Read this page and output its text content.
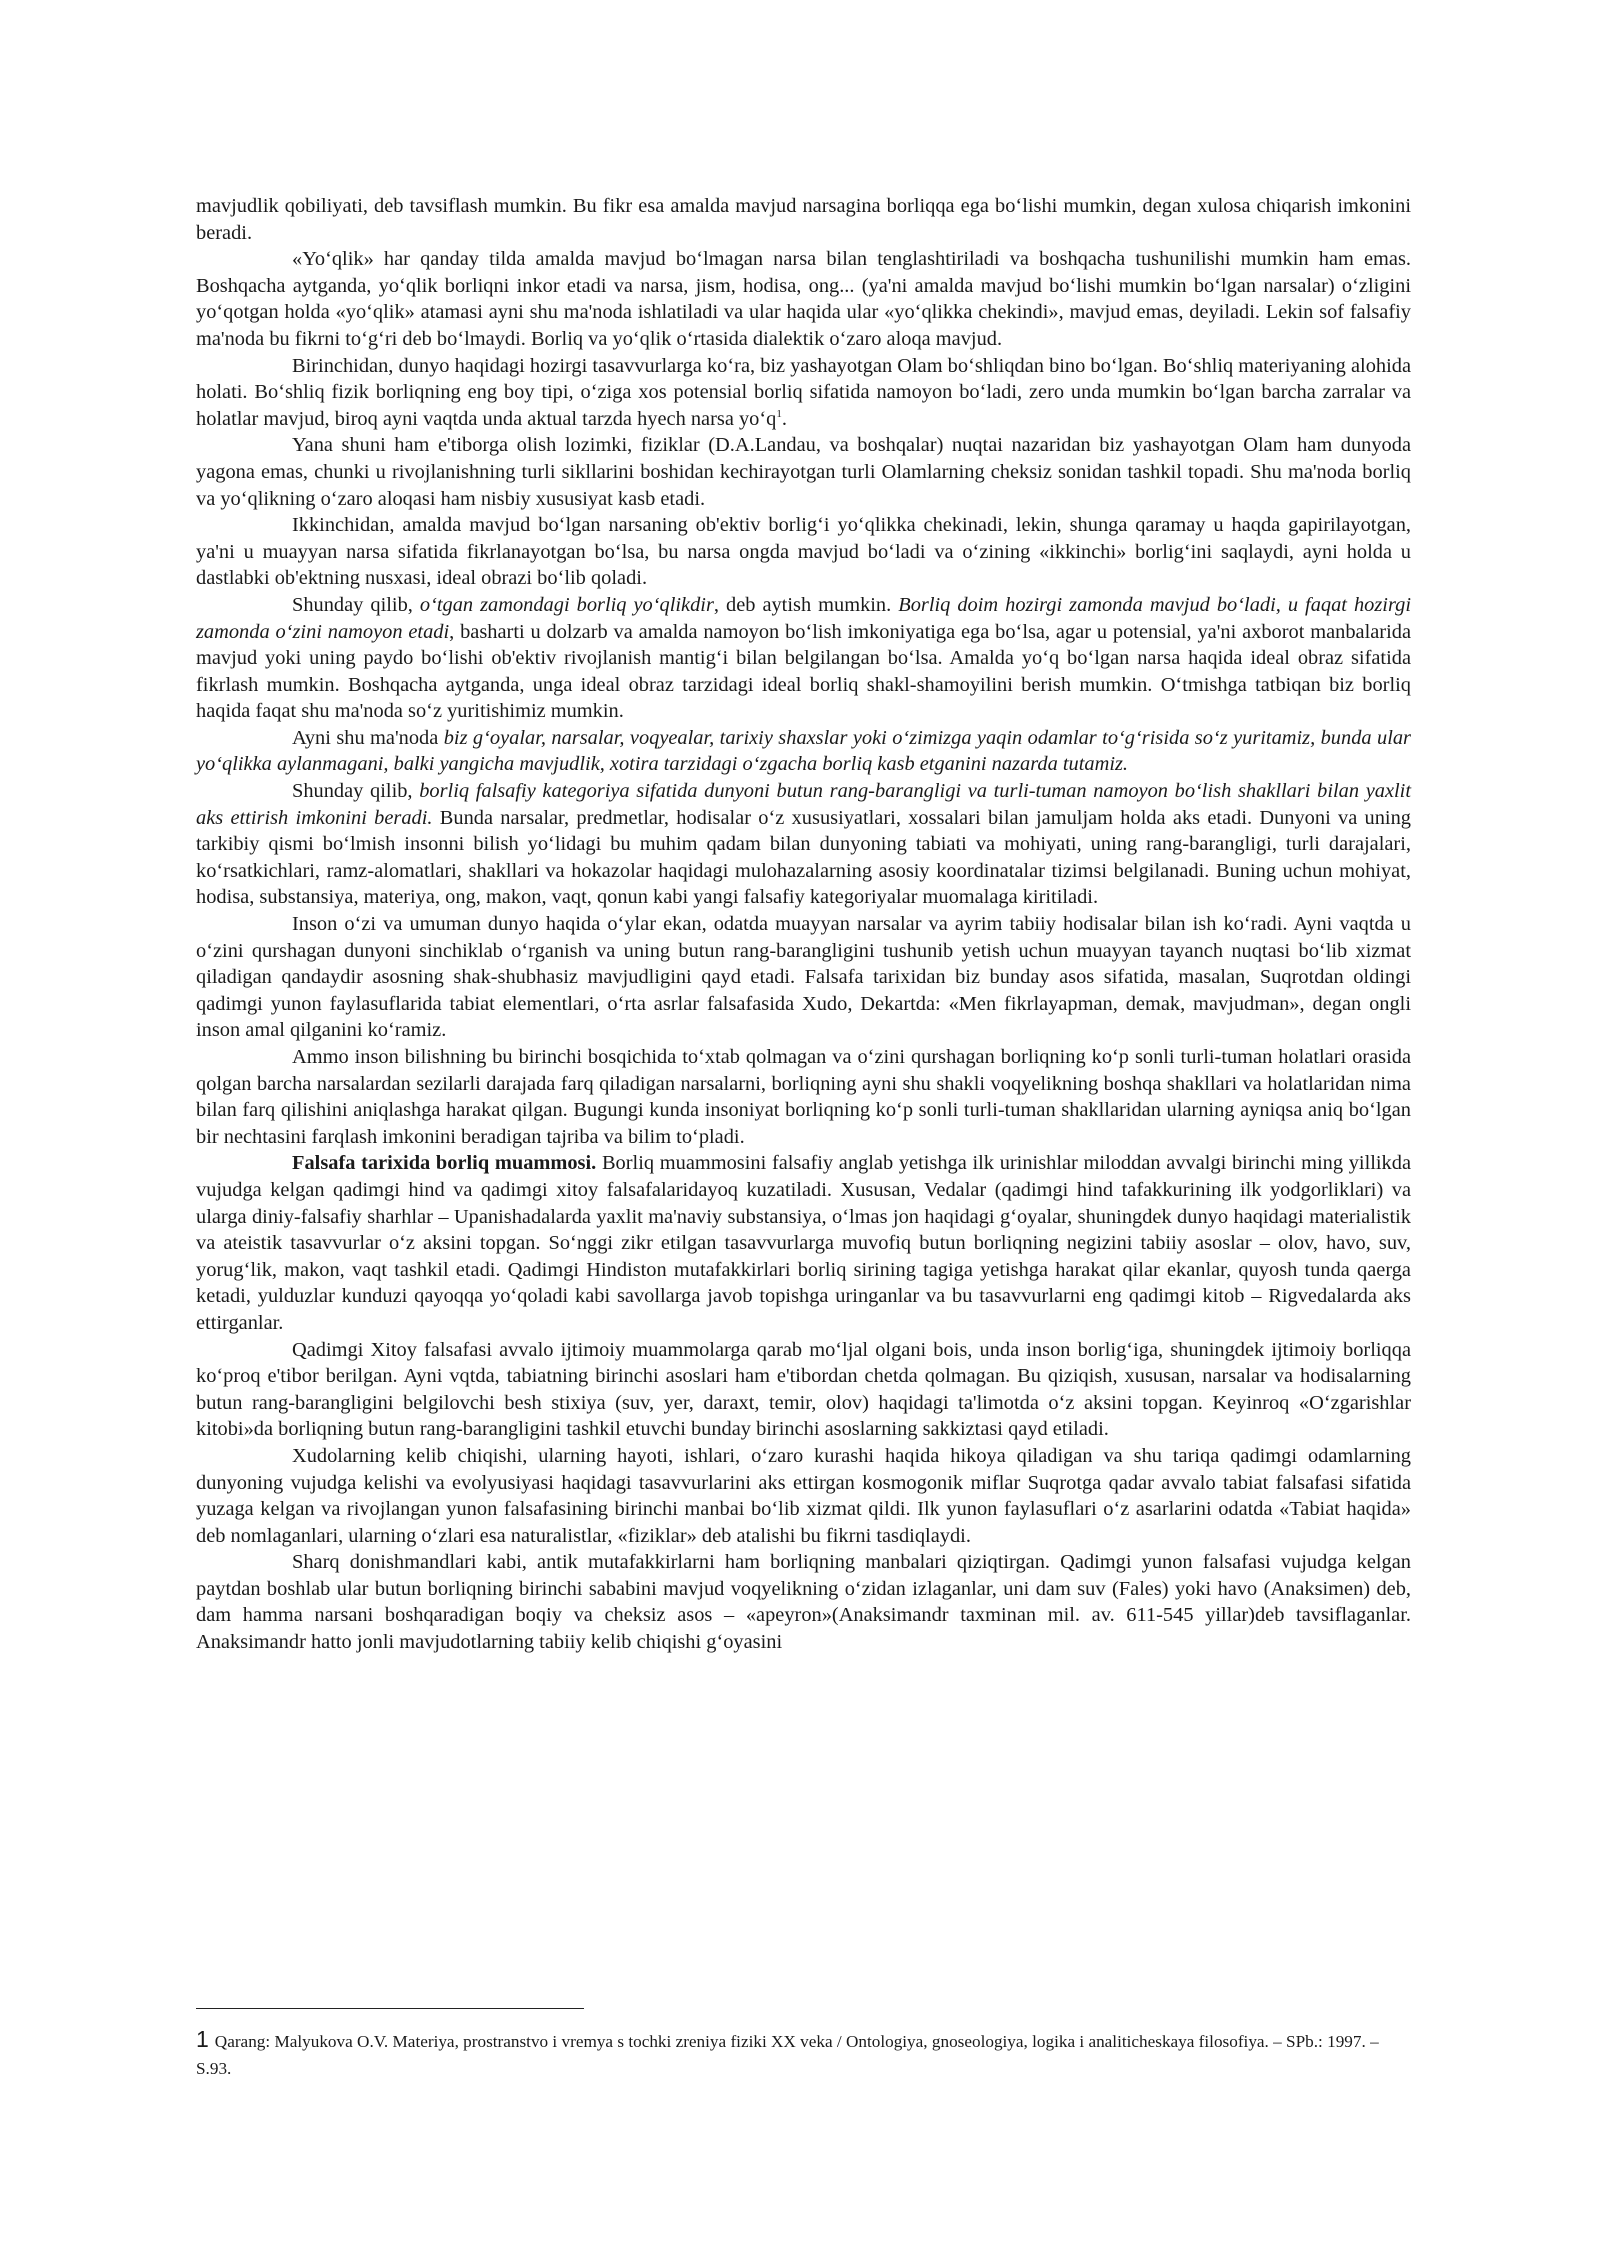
mavjudlik qobiliyati, deb tavsiflash mumkin. Bu fikr esa amalda mavjud narsagina borliqqa ega boʻlishi mumkin, degan xulosa chiqarish imkonini beradi.

«Yoʻqlik» har qanday tilda amalda mavjud boʻlmagan narsa bilan tenglashtiriladi va boshqacha tushunilishi mumkin ham emas. Boshqacha aytganda, yoʻqlik borliqni inkor etadi va narsa, jism, hodisa, ong... (ya'ni amalda mavjud boʻlishi mumkin boʻlgan narsalar) oʻzligini yoʻqotgan holda «yoʻqlik» atamasi ayni shu ma'noda ishlatiladi va ular haqida ular «yoʻqlikka chekindi», mavjud emas, deyiladi. Lekin sof falsafiy ma'noda bu fikrni toʻgʻri deb boʻlmaydi. Borliq va yoʻqlik oʻrtasida dialektik oʻzaro aloqa mavjud.

Birinchidan, dunyo haqidagi hozirgi tasavvurlarga koʻra, biz yashayotgan Olam boʻshliqdan bino boʻlgan. Boʻshliq materiyaning alohida holati. Boʻshliq fizik borliqning eng boy tipi, oʻziga xos potensial borliq sifatida namoyon boʻladi, zero unda mumkin boʻlgan barcha zarralar va holatlar mavjud, biroq ayni vaqtda unda aktual tarzda hyech narsa yoʻq$^1$.

Yana shuni ham e'tiborga olish lozimki, fiziklar (D.A.Landau, va boshqalar) nuqtai nazaridan biz yashayotgan Olam ham dunyoda yagona emas, chunki u rivojlanishning turli sikllarini boshidan kechirayotgan turli Olamlarning cheksiz sonidan tashkil topadi. Shu ma'noda borliq va yoʻqlikning oʻzaro aloqasi ham nisbiy xususiyat kasb etadi.

Ikkinchidan, amalda mavjud boʻlgan narsaning ob'ektiv borligʻi yoʻqlikka chekinadi, lekin, shunga qaramay u haqda gapirilayotgan, ya'ni u muayyan narsa sifatida fikrlanayotgan boʻlsa, bu narsa ongda mavjud boʻladi va oʻzining «ikkinchi» borligʻini saqlaydi, ayni holda u dastlabki ob'ektning nusxasi, ideal obrazi boʻlib qoladi.

Shunday qilib, oʻtgan zamondagi borliq yoʻqlikdir, deb aytish mumkin. Borliq doim hozirgi zamonda mavjud boʻladi, u faqat hozirgi zamonda oʻzini namoyon etadi, basharti u dolzarb va amalda namoyon boʻlish imkoniyatiga ega boʻlsa, agar u potensial, ya'ni axborot manbalarida mavjud yoki uning paydo boʻlishi ob'ektiv rivojlanish mantigʻi bilan belgilangan boʻlsa. Amalda yoʻq boʻlgan narsa haqida ideal obraz sifatida fikrlash mumkin. Boshqacha aytganda, unga ideal obraz tarzidagi ideal borliq shakl-shamoyilini berish mumkin. Oʻtmishga tatbiqan biz borliq haqida faqat shu ma'noda soʻz yuritishimiz mumkin.

Ayni shu ma'noda biz gʻoyalar, narsalar, voqyealar, tarixiy shaxslar yoki oʻzimizga yaqin odamlar toʻgʻrisida soʻz yuritamiz, bunda ular yoʻqlikka aylanmagani, balki yangicha mavjudlik, xotira tarzidagi oʻzgacha borliq kasb etganini nazarda tutamiz.

Shunday qilib, borliq falsafiy kategoriya sifatida dunyoni butun rang-barangligi va turli-tuman namoyon boʻlish shakllari bilan yaxlit aks ettirish imkonini beradi. Bunda narsalar, predmetlar, hodisalar oʻz xususiyatlari, xossalari bilan jamuljam holda aks etadi. Dunyoni va uning tarkibiy qismi boʻlmish insonni bilish yoʻlidagi bu muhim qadam bilan dunyoning tabiati va mohiyati, uning rang-barangligi, turli darajalari, koʻrsatkichlari, ramz-alomatlari, shakllari va hokazolar haqidagi mulohazalarning asosiy koordinatalar tizimsi belgilanadi. Buning uchun mohiyat, hodisa, substansiya, materiya, ong, makon, vaqt, qonun kabi yangi falsafiy kategoriyalar muomalaga kiritiladi.

Inson oʻzi va umuman dunyo haqida oʻylar ekan, odatda muayyan narsalar va ayrim tabiiy hodisalar bilan ish koʻradi. Ayni vaqtda u oʻzini qurshagan dunyoni sinchiklab oʻrganish va uning butun rang-barangligini tushunib yetish uchun muayyan tayanch nuqtasi boʻlib xizmat qiladigan qandaydir asosning shak-shubhasiz mavjudligini qayd etadi. Falsafa tarixidan biz bunday asos sifatida, masalan, Suqrotdan oldingi qadimgi yunon faylasuflarida tabiat elementlari, oʻrta asrlar falsafasida Xudo, Dekartda: «Men fikrlayapman, demak, mavjudman», degan ongli inson amal qilganini koʻramiz.

Ammo inson bilishning bu birinchi bosqichida toʻxtab qolmagan va oʻzini qurshagan borliqning koʻp sonli turli-tuman holatlari orasida qolgan barcha narsalardan sezilarli darajada farq qiladigan narsalarni, borliqning ayni shu shakli voqyelikning boshqa shakllari va holatlaridan nima bilan farq qilishini aniqlashga harakat qilgan. Bugungi kunda insoniyat borliqning koʻp sonli turli-tuman shakllaridan ularning ayniqsa aniq boʻlgan bir nechtasini farqlash imkonini beradigan tajriba va bilim toʻpladi.

Falsafa tarixida borliq muammosi. Borliq muammosini falsafiy anglab yetishga ilk urinishlar miloddan avvalgi birinchi ming yillikda vujudga kelgan qadimgi hind va qadimgi xitoy falsafalaridayoq kuzatiladi. Xususan, Vedalar (qadimgi hind tafakkurining ilk yodgorliklari) va ularga diniy-falsafiy sharhlar – Upanishadalarda yaxlit ma'naviy substansiya, oʻlmas jon haqidagi gʻoyalar, shuningdek dunyo haqidagi materialistik va ateistik tasavvurlar oʻz aksini topgan. Soʻnggi zikr etilgan tasavvurlarga muvofiq butun borliqning negizini tabiiy asoslar – olov, havo, suv, yorugʻlik, makon, vaqt tashkil etadi. Qadimgi Hindiston mutafakkirlari borliq sirining tagiga yetishga harakat qilar ekanlar, quyosh tunda qaerga ketadi, yulduzlar kunduzi qayoqqa yoʻqoladi kabi savollarga javob topishga uringanlar va bu tasavvurlarni eng qadimgi kitob – Rigvedalarda aks ettirganlar.

Qadimgi Xitoy falsafasi avvalo ijtimoiy muammolarga qarab moʻljal olgani bois, unda inson borligʻiga, shuningdek ijtimoiy borliqqa koʻproq e'tibor berilgan. Ayni vqtda, tabiatning birinchi asoslari ham e'tibordan chetda qolmagan. Bu qiziqish, xususan, narsalar va hodisalarning butun rang-barangligini belgilovchi besh stixiya (suv, yer, daraxt, temir, olov) haqidagi ta'limotda oʻz aksini topgan. Keyinroq «Oʻzgarishlar kitobi»da borliqning butun rang-barangligini tashkil etuvchi bunday birinchi asoslarning sakkiztasi qayd etiladi.

Xudolarning kelib chiqishi, ularning hayoti, ishlari, oʻzaro kurashi haqida hikoya qiladigan va shu tariqa qadimgi odamlarning dunyoning vujudga kelishi va evolyusiyasi haqidagi tasavvurlarini aks ettirgan kosmogonik miflar Suqrotga qadar avvalo tabiat falsafasi sifatida yuzaga kelgan va rivojlangan yunon falsafasining birinchi manbai boʻlib xizmat qildi. Ilk yunon faylasuflari oʻz asarlarini odatda «Tabiat haqida» deb nomlaganlari, ularning oʻzlari esa naturalistlar, «fiziklar» deb atalishi bu fikrni tasdiqlaydi.

Sharq donishmandlari kabi, antik mutafakkirlarni ham borliqning manbalari qiziqtirgan. Qadimgi yunon falsafasi vujudga kelgan paytdan boshlab ular butun borliqning birinchi sababini mavjud voqyelikning oʻzidan izlaganlar, uni dam suv (Fales) yoki havo (Anaksimen) deb, dam hamma narsani boshqaradigan boqiy va cheksiz asos – «apeyron»(Anaksimandr taxminan mil. av. 611-545 yillar)deb tavsiflaganlar. Anaksimandr hatto jonli mavjudotlarning tabiiy kelib chiqishi gʻoyasini

1 Qarang: Malyukova O.V. Materiya, prostranstvo i vremya s tochki zreniya fiziki XX veka / Ontologiya, gnoseologiya, logika i analiticheskaya filosofiya. – SPb.: 1997. – S.93.
